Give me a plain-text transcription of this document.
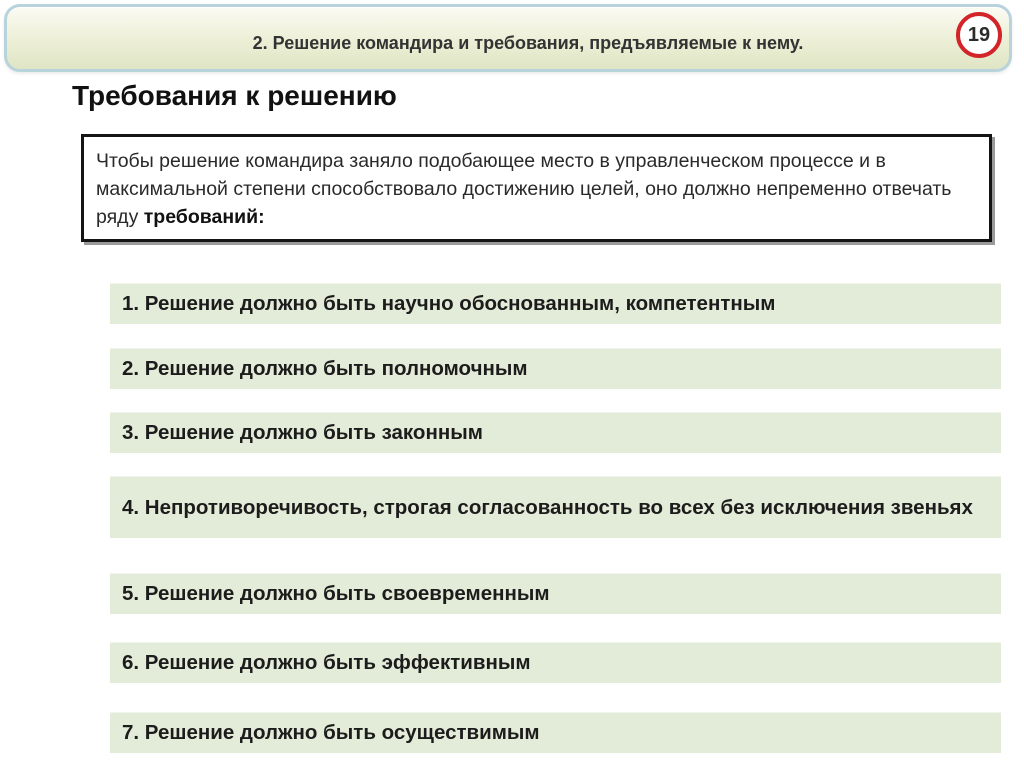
2. Решение командира и требования, предъявляемые к нему.	19
Требования к решению
Чтобы решение командира заняло подобающее место в управленческом процессе и в максимальной степени способствовало достижению целей, оно должно непременно отвечать ряду требований:
1. Решение должно быть научно обоснованным, компетентным
2. Решение должно быть полномочным
3. Решение должно быть законным
4. Непротиворечивость, строгая согласованность во всех без исключения звеньях
5. Решение должно быть своевременным
6. Решение должно быть эффективным
7. Решение должно быть осуществимым
